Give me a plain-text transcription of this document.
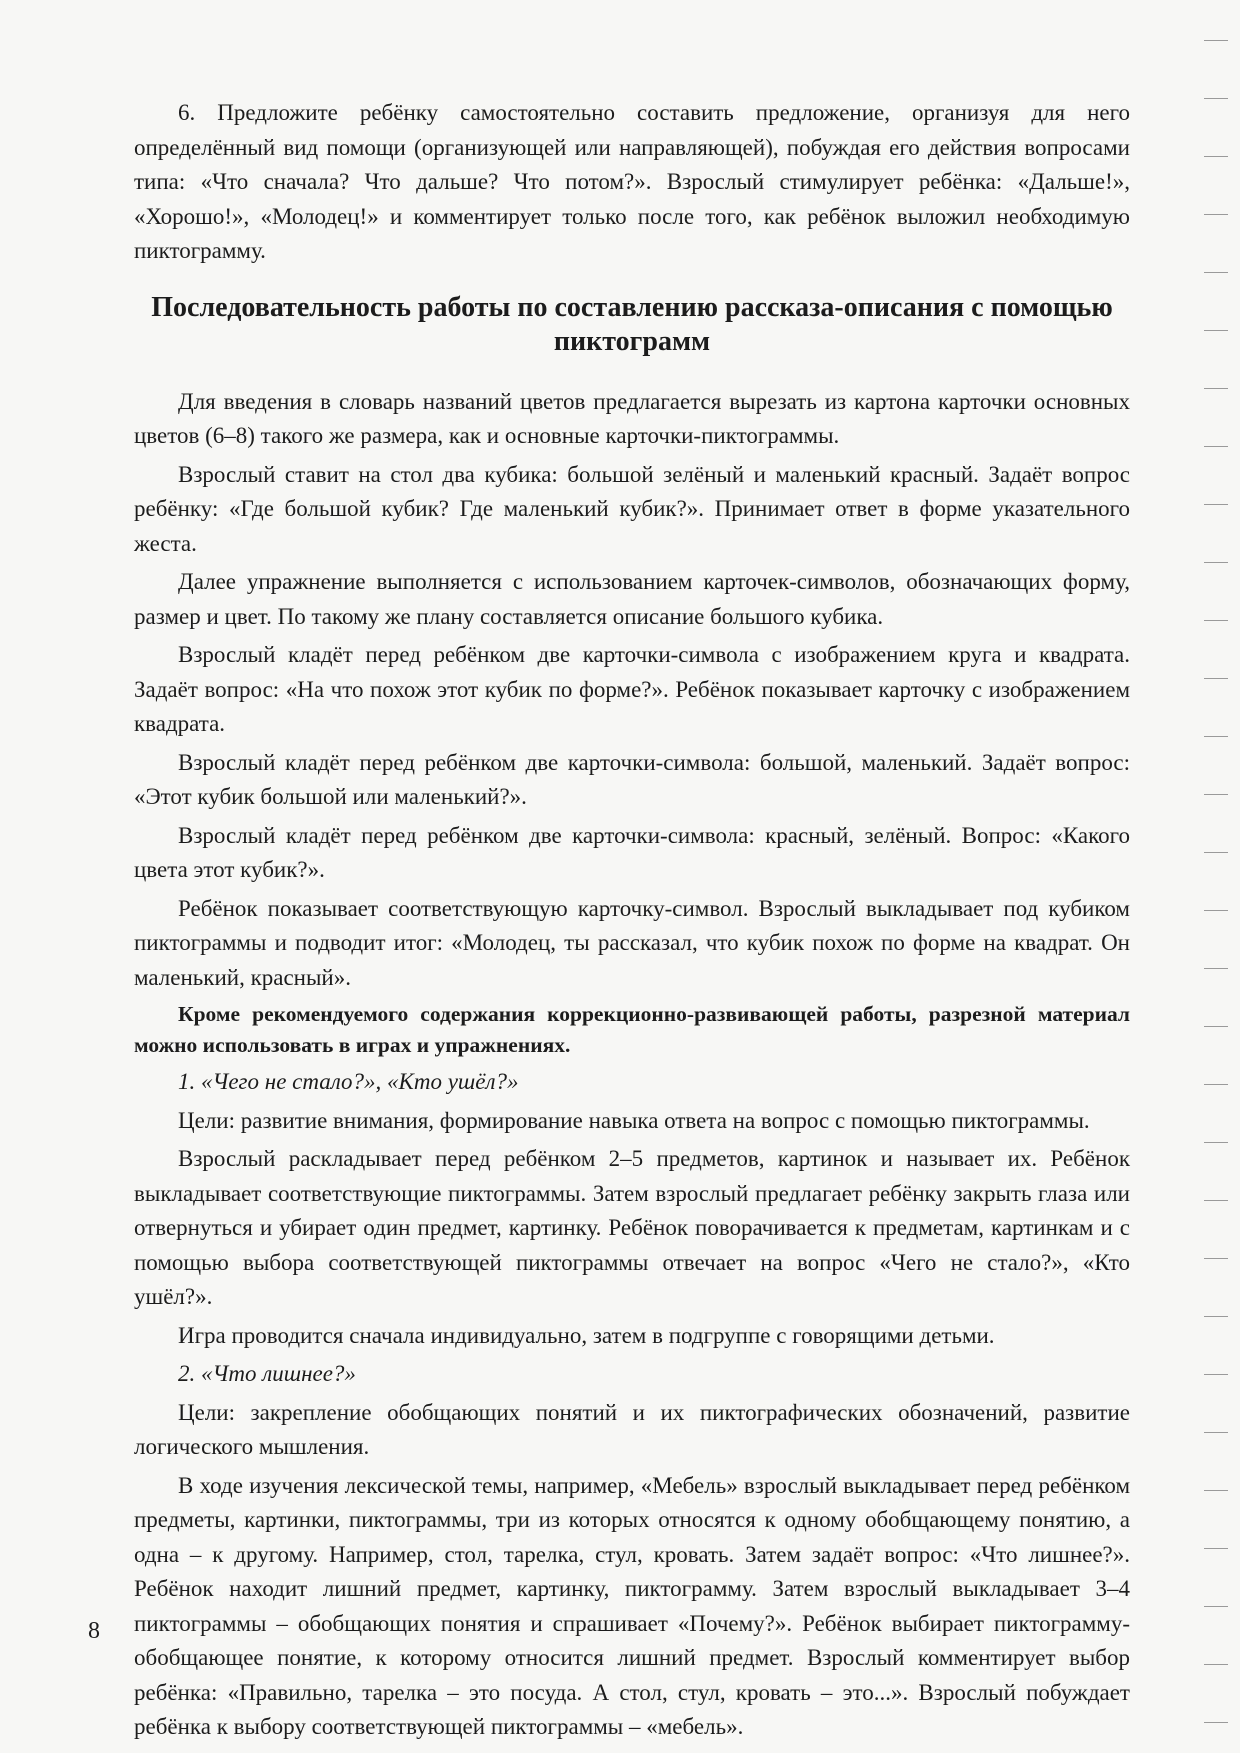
6. Предложите ребёнку самостоятельно составить предложение, организуя для него определённый вид помощи (организующей или направляющей), побуждая его действия вопросами типа: «Что сначала? Что дальше? Что потом?». Взрослый стимулирует ребёнка: «Дальше!», «Хорошо!», «Молодец!» и комментирует только после того, как ребёнок выложил необходимую пиктограмму.

Последовательность работы по составлению рассказа-описания с помощью пиктограмм

Для введения в словарь названий цветов предлагается вырезать из картона карточки основных цветов (6–8) такого же размера, как и основные карточки-пиктограммы.

Взрослый ставит на стол два кубика: большой зелёный и маленький красный. Задаёт вопрос ребёнку: «Где большой кубик? Где маленький кубик?». Принимает ответ в форме указательного жеста.

Далее упражнение выполняется с использованием карточек-символов, обозначающих форму, размер и цвет. По такому же плану составляется описание большого кубика.

Взрослый кладёт перед ребёнком две карточки-символа с изображением круга и квадрата. Задаёт вопрос: «На что похож этот кубик по форме?». Ребёнок показывает карточку с изображением квадрата.

Взрослый кладёт перед ребёнком две карточки-символа: большой, маленький. Задаёт вопрос: «Этот кубик большой или маленький?».

Взрослый кладёт перед ребёнком две карточки-символа: красный, зелёный. Вопрос: «Какого цвета этот кубик?».

Ребёнок показывает соответствующую карточку-символ. Взрослый выкладывает под кубиком пиктограммы и подводит итог: «Молодец, ты рассказал, что кубик похож по форме на квадрат. Он маленький, красный».

Кроме рекомендуемого содержания коррекционно-развивающей работы, разрезной материал можно использовать в играх и упражнениях.

1. «Чего не стало?», «Кто ушёл?»

Цели: развитие внимания, формирование навыка ответа на вопрос с помощью пиктограммы.

Взрослый раскладывает перед ребёнком 2–5 предметов, картинок и называет их. Ребёнок выкладывает соответствующие пиктограммы. Затем взрослый предлагает ребёнку закрыть глаза или отвернуться и убирает один предмет, картинку. Ребёнок поворачивается к предметам, картинкам и с помощью выбора соответствующей пиктограммы отвечает на вопрос «Чего не стало?», «Кто ушёл?».

Игра проводится сначала индивидуально, затем в подгруппе с говорящими детьми.

2. «Что лишнее?»

Цели: закрепление обобщающих понятий и их пиктографических обозначений, развитие логического мышления.

В ходе изучения лексической темы, например, «Мебель» взрослый выкладывает перед ребёнком предметы, картинки, пиктограммы, три из которых относятся к одному обобщающему понятию, а одна – к другому. Например, стол, тарелка, стул, кровать. Затем задаёт вопрос: «Что лишнее?». Ребёнок находит лишний предмет, картинку, пиктограмму. Затем взрослый выкладывает 3–4 пиктограммы – обобщающих понятия и спрашивает «Почему?». Ребёнок выбирает пиктограмму-обобщающее понятие, к которому относится лишний предмет. Взрослый комментирует выбор ребёнка: «Правильно, тарелка – это посуда. А стол, стул, кровать – это...». Взрослый побуждает ребёнка к выбору соответствующей пиктограммы – «мебель».

8
